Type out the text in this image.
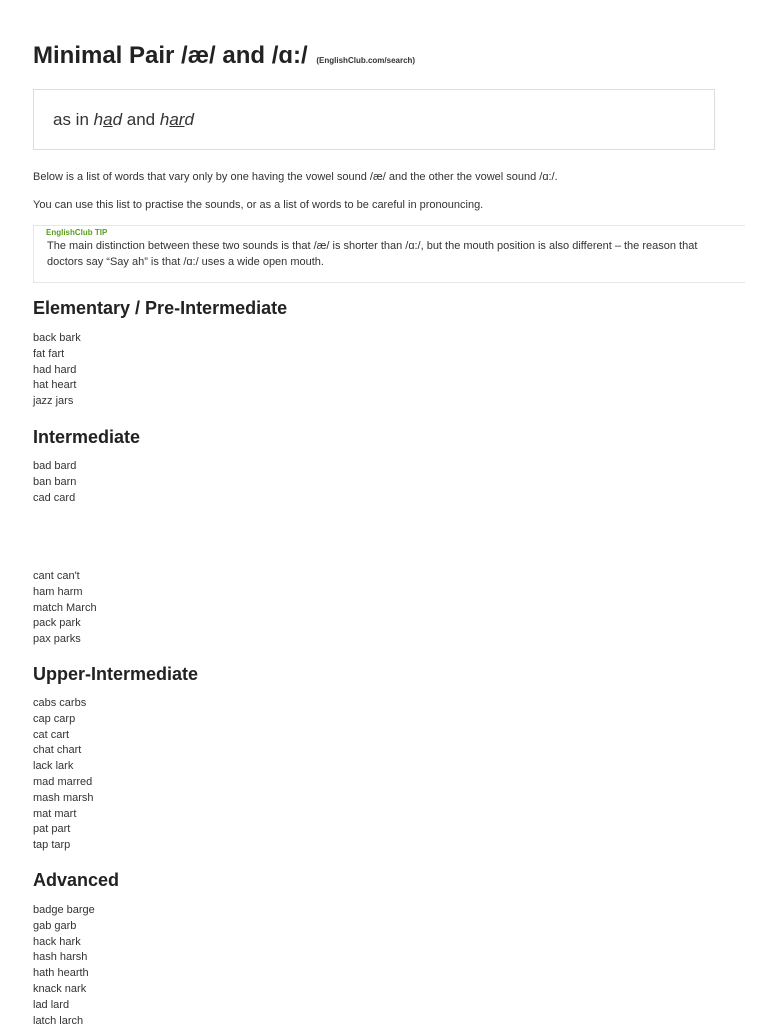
Minimal Pair /æ/ and /ɑ:/ (EnglishClub.com/search)
as in had and hard

Below is a list of words that vary only by one having the vowel sound /æ/ and the other the vowel sound /ɑ:/.

You can use this list to practise the sounds, or as a list of words to be careful in pronouncing.

EnglishClub TIP
The main distinction between these two sounds is that /æ/ is shorter than /ɑ:/, but the mouth position is also different – the reason that doctors say “Say ah” is that /ɑ:/ uses a wide open mouth.
Elementary / Pre-Intermediate
back bark
fat fart
had hard
hat heart
jazz jars
Intermediate
bad bard
ban barn
cad card
cant can't
ham harm
match March
pack park
pax parks
Upper-Intermediate
cabs carbs
cap carp
cat cart
chat chart
lack lark
mad marred
mash marsh
mat mart
pat part
tap tarp
Advanced
badge barge
gab garb
hack hark
hash harsh
hath hearth
knack nark
lad lard
latch larch
